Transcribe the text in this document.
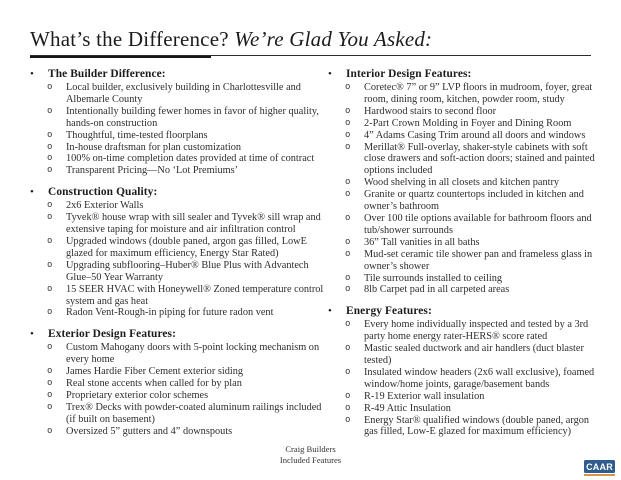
What’s the Difference? We’re Glad You Asked:
•	The Builder Difference:
o	Local builder, exclusively building in Charlottesville and Albemarle County
o	Intentionally building fewer homes in favor of higher quality, hands-on construction
o	Thoughtful, time-tested floorplans
o	In-house draftsman for plan customization
o	100% on-time completion dates provided at time of contract
o	Transparent Pricing—No ‘Lot Premiums’
•	Construction Quality:
o	2x6 Exterior Walls
o	Tyvek® house wrap with sill sealer and Tyvek® sill wrap and extensive taping for moisture and air infiltration control
o	Upgraded windows (double paned, argon gas filled, LowE glazed for maximum efficiency, Energy Star Rated)
o	Upgrading subflooring–Huber® Blue Plus with Advantech Glue–50 Year Warranty
o	15 SEER HVAC with Honeywell® Zoned temperature control system and gas heat
o	Radon Vent-Rough-in piping for future radon vent
•	Exterior Design Features:
o	Custom Mahogany doors with 5-point locking mechanism on every home
o	James Hardie Fiber Cement exterior siding
o	Real stone accents when called for by plan
o	Proprietary exterior color schemes
o	Trex® Decks with powder-coated aluminum railings included (if built on basement)
o	Oversized 5” gutters and 4” downspouts
•	Interior Design Features:
o	Coretec® 7” or 9” LVP floors in mudroom, foyer, great room, dining room, kitchen, powder room, study
o	Hardwood stairs to second floor
o	2-Part Crown Molding in Foyer and Dining Room
o	4” Adams Casing Trim around all doors and windows
o	Merillat® Full-overlay, shaker-style cabinets with soft close drawers and soft-action doors; stained and painted options included
o	Wood shelving in all closets and kitchen pantry
o	Granite or quartz countertops included in kitchen and owner’s bathroom
o	Over 100 tile options available for bathroom floors and tub/shower surrounds
o	36” Tall vanities in all baths
o	Mud-set ceramic tile shower pan and frameless glass in owner’s shower
o	Tile surrounds installed to ceiling
o	8lb Carpet pad in all carpeted areas
•	Energy Features:
o	Every home individually inspected and tested by a 3rd party home energy rater-HERS® score rated
o	Mastic sealed ductwork and air handlers (duct blaster tested)
o	Insulated window headers (2x6 wall exclusive), foamed window/home joints, garage/basement bands
o	R-19 Exterior wall insulation
o	R-49 Attic Insulation
o	Energy Star® qualified windows (double paned, argon gas filled, Low-E glazed for maximum efficiency)
Craig Builders
Included Features
CAAR
